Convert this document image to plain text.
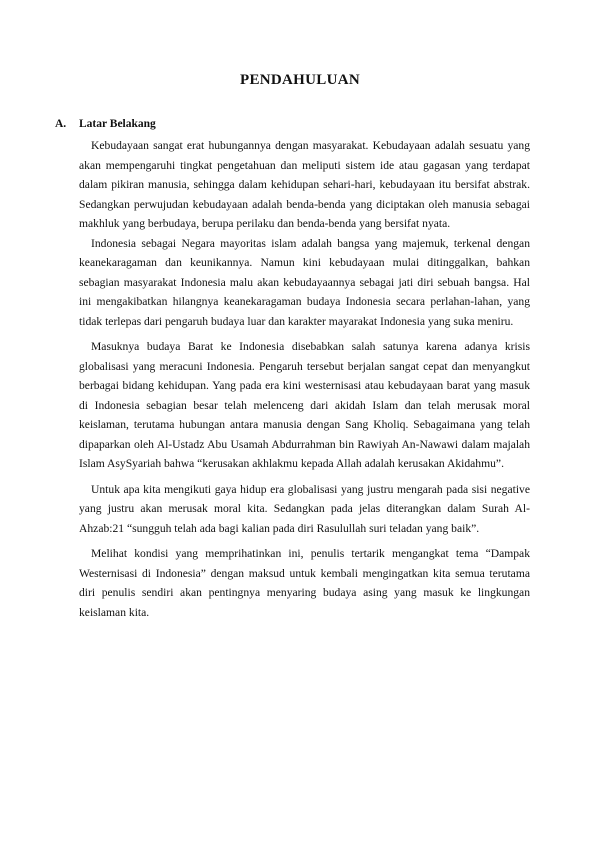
PENDAHULUAN
A. Latar Belakang

Kebudayaan sangat erat hubungannya dengan masyarakat. Kebudayaan adalah sesuatu yang akan mempengaruhi tingkat pengetahuan dan meliputi sistem ide atau gagasan yang terdapat dalam pikiran manusia, sehingga dalam kehidupan sehari-hari, kebudayaan itu bersifat abstrak. Sedangkan perwujudan kebudayaan adalah benda-benda yang diciptakan oleh manusia sebagai makhluk yang berbudaya, berupa perilaku dan benda-benda yang bersifat nyata.

Indonesia sebagai Negara mayoritas islam adalah bangsa yang majemuk, terkenal dengan keanekaragaman dan keunikannya. Namun kini kebudayaan mulai ditinggalkan, bahkan sebagian masyarakat Indonesia malu akan kebudayaannya sebagai jati diri sebuah bangsa. Hal ini mengakibatkan hilangnya keanekaragaman budaya Indonesia secara perlahan-lahan, yang tidak terlepas dari pengaruh budaya luar dan karakter mayarakat Indonesia yang suka meniru.

Masuknya budaya Barat ke Indonesia disebabkan salah satunya karena adanya krisis globalisasi yang meracuni Indonesia. Pengaruh tersebut berjalan sangat cepat dan menyangkut berbagai bidang kehidupan. Yang pada era kini westernisasi atau kebudayaan barat yang masuk di Indonesia sebagian besar telah melenceng dari akidah Islam dan telah merusak moral keislaman, terutama hubungan antara manusia dengan Sang Kholiq. Sebagaimana yang telah dipaparkan oleh Al-Ustadz Abu Usamah Abdurrahman bin Rawiyah An-Nawawi dalam majalah Islam AsySyariah bahwa “kerusakan akhlakmu kepada Allah adalah kerusakan Akidahmu”.

Untuk apa kita mengikuti gaya hidup era globalisasi yang justru mengarah pada sisi negative yang justru akan merusak moral kita. Sedangkan pada jelas diterangkan dalam Surah Al-Ahzab:21 “sungguh telah ada bagi kalian pada diri Rasulullah suri teladan yang baik”.

Melihat kondisi yang memprihatinkan ini, penulis tertarik mengangkat tema “Dampak Westernisasi di Indonesia” dengan maksud untuk kembali mengingatkan kita semua terutama diri penulis sendiri akan pentingnya menyaring budaya asing yang masuk ke lingkungan keislaman kita.
